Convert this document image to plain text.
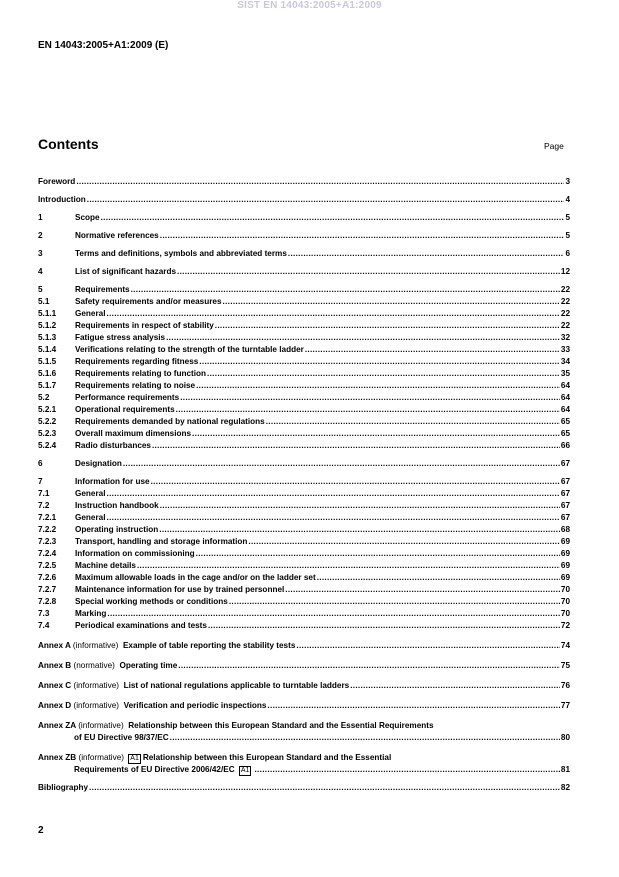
SIST EN 14043:2005+A1:2009
EN 14043:2005+A1:2009 (E)
Contents	Page
Foreword .....	3
Introduction .....	4
1	Scope .....	5
2	Normative references .....	5
3	Terms and definitions, symbols and abbreviated terms .....	6
4	List of significant hazards .....	12
5	Requirements .....	22
5.1	Safety requirements and/or measures .....	22
5.1.1	General .....	22
5.1.2	Requirements in respect of stability .....	22
5.1.3	Fatigue stress analysis .....	32
5.1.4	Verifications relating to the strength of the turntable ladder .....	33
5.1.5	Requirements regarding fitness .....	34
5.1.6	Requirements relating to function .....	35
5.1.7	Requirements relating to noise .....	64
5.2	Performance requirements .....	64
5.2.1	Operational requirements .....	64
5.2.2	Requirements demanded by national regulations .....	65
5.2.3	Overall maximum dimensions .....	65
5.2.4	Radio disturbances .....	66
6	Designation .....	67
7	Information for use .....	67
7.1	General .....	67
7.2	Instruction handbook .....	67
7.2.1	General .....	67
7.2.2	Operating instruction .....	68
7.2.3	Transport, handling and storage information .....	69
7.2.4	Information on commissioning .....	69
7.2.5	Machine details .....	69
7.2.6	Maximum allowable loads in the cage and/or on the ladder set .....	69
7.2.7	Maintenance information for use by trained personnel .....	70
7.2.8	Special working methods or conditions .....	70
7.3	Marking .....	70
7.4	Periodical examinations and tests .....	72
Annex A (informative) Example of table reporting the stability tests .....	74
Annex B (normative) Operating time .....	75
Annex C (informative) List of national regulations applicable to turntable ladders .....	76
Annex D (informative) Verification and periodic inspections .....	77
Annex ZA (informative) Relationship between this European Standard and the Essential Requirements
of EU Directive 98/37/EC .....	80
Annex ZB (informative) A1 Relationship between this European Standard and the Essential
Requirements of EU Directive 2006/42/EC A1 .....	81
Bibliography .....	82
2
